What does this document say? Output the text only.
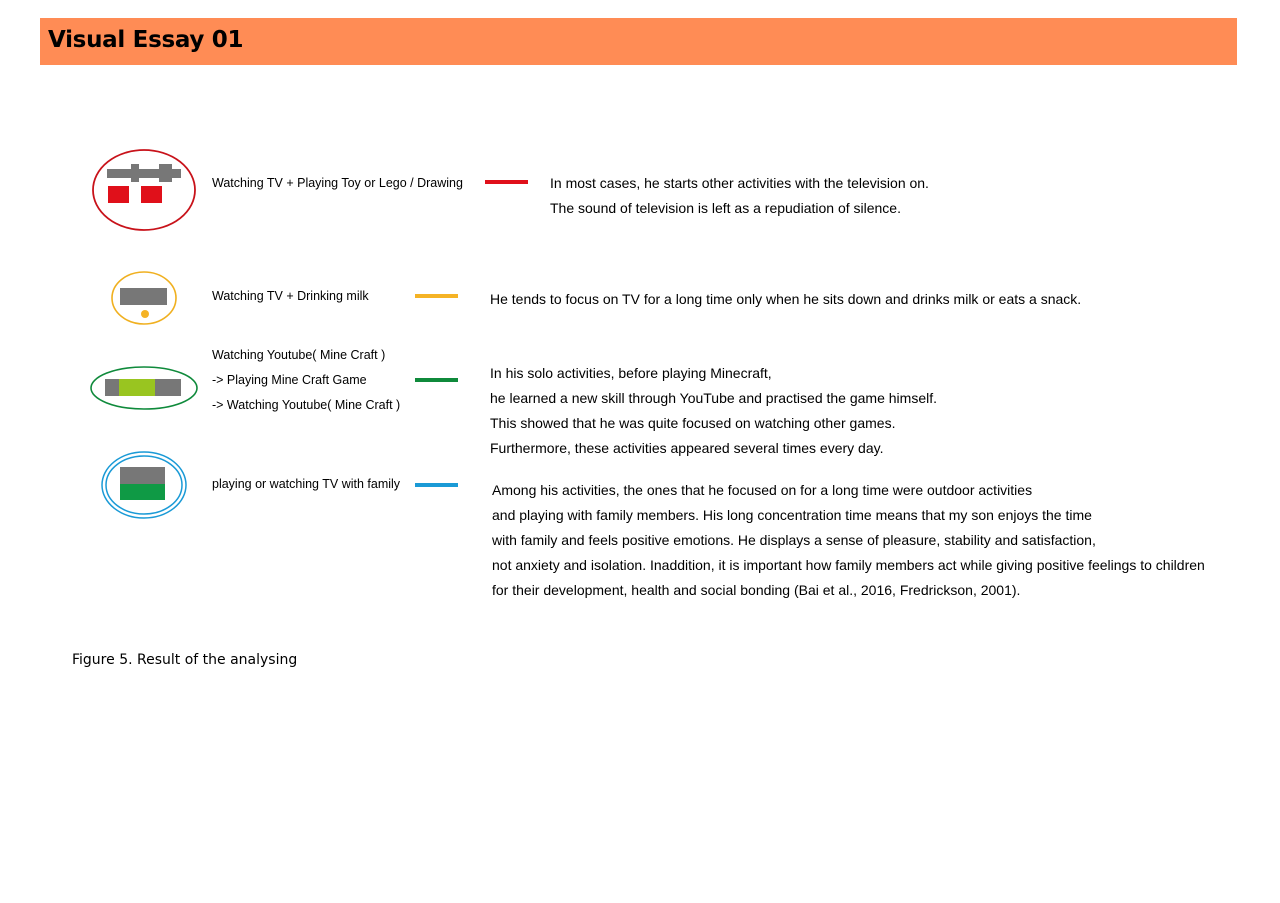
Visual Essay 01
Watching TV + Playing Toy or Lego / Drawing	In most cases, he starts other activities with the television on.
The sound of television is left as a repudiation of silence.
Watching TV + Drinking milk	He tends to focus on TV for a long time only when he sits down and drinks milk or eats a snack.
Watching Youtube( Mine Craft )
-> Playing Mine Craft Game
-> Watching Youtube( Mine Craft )
In his solo activities, before playing Minecraft,
he learned a new skill through YouTube and practised the game himself.
This showed that he was quite focused on watching other games.
Furthermore, these activities appeared several times every day.
playing or watching TV with family	Among his activities, the ones that he focused on for a long time were outdoor activities
and playing with family members. His long concentration time means that my son enjoys the time
with family and feels positive emotions. He displays a sense of pleasure, stability and satisfaction,
not anxiety and isolation. Inaddition, it is important how family members act while giving positive feelings to children
for their development, health and social bonding (Bai et al., 2016, Fredrickson, 2001).
Figure 5. Result of the analysing
